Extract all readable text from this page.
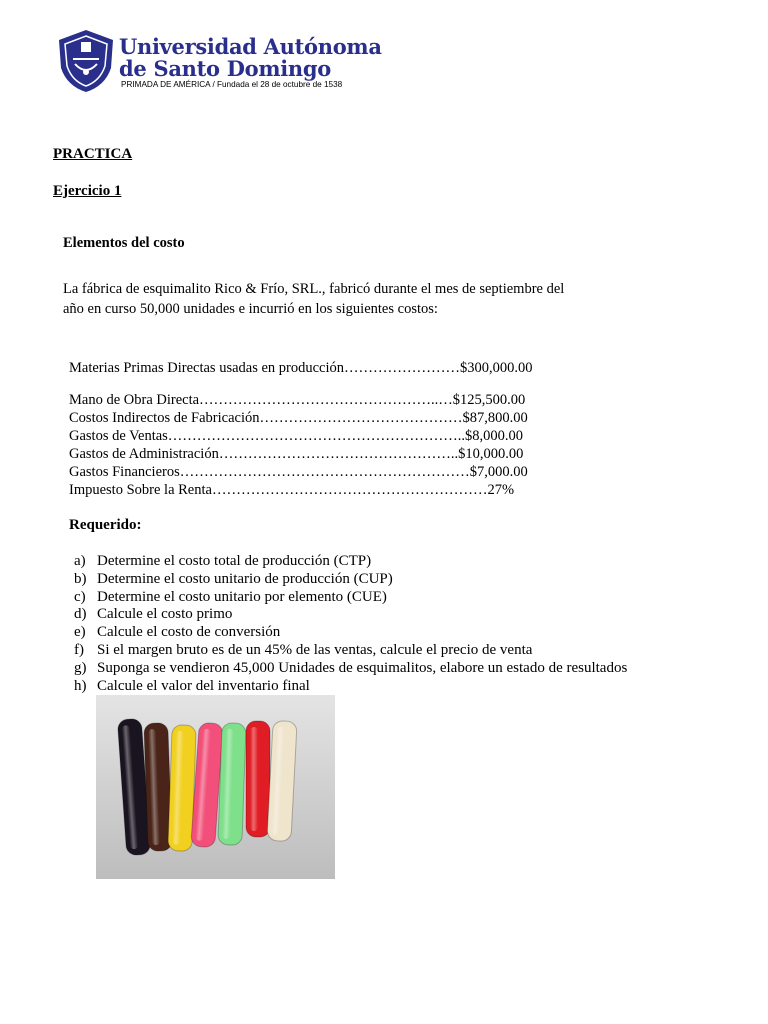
Universidad Autónoma
de Santo Domingo
PRIMADA DE AMÉRICA / Fundada el 28 de octubre de 1538
PRACTICA
Ejercicio 1
Elementos del costo
La fábrica de esquimalito Rico & Frío, SRL., fabricó durante el mes de septiembre del
año en curso 50,000 unidades e incurrió en los siguientes costos:
Materias Primas Directas usadas en producción……………………$300,000.00
Mano de Obra Directa…………………………………………..…$125,500.00
Costos Indirectos de Fabricación……………………………………$87,800.00
Gastos de Ventas……………………………………………………..$8,000.00
Gastos de Administración…………………………………………..$10,000.00
Gastos Financieros……………………………………………………$7,000.00
Impuesto Sobre la Renta…………………………………………………27%
Requerido:
a) Determine el costo total de producción (CTP)
b) Determine el costo unitario de producción (CUP)
c) Determine el costo unitario por elemento (CUE)
d) Calcule el costo primo
e) Calcule el costo de conversión
f) Si el margen bruto es de un 45% de las ventas, calcule el precio de venta
g) Suponga se vendieron 45,000 Unidades de esquimalitos, elabore un estado de resultados
h) Calcule el valor del inventario final
